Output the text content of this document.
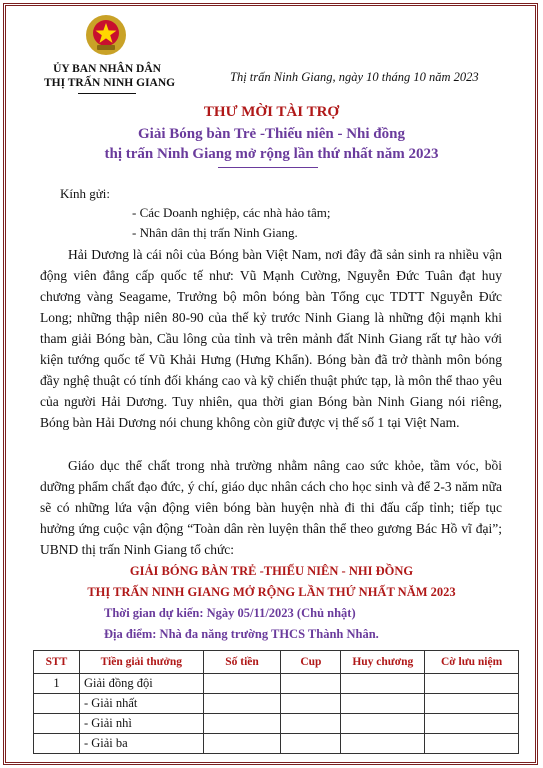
ỦY BAN NHÂN DÂN
THỊ TRẤN NINH GIANG	Thị trấn Ninh Giang, ngày 10 tháng 10 năm 2023
THƯ MỜI TÀI TRỢ
Giải Bóng bàn Trẻ -Thiếu niên - Nhi đồng
thị trấn Ninh Giang mở rộng lần thứ nhất năm 2023
Kính gửi:
- Các Doanh nghiệp, các nhà hảo tâm;
- Nhân dân thị trấn Ninh Giang.

Hải Dương là cái nôi của Bóng bàn Việt Nam, nơi đây đã sản sinh ra nhiều vận động viên đẳng cấp quốc tế như: Vũ Mạnh Cường, Nguyễn Đức Tuân đạt huy chương vàng Seagame, Trưởng bộ môn bóng bàn Tổng cục TDTT Nguyễn Đức Long; những thập niên 80-90 của thế kỷ trước Ninh Giang là những đội mạnh khi tham giải Bóng bàn, Cầu lông của tỉnh và trên mảnh đất Ninh Giang rất tự hào với kiện tướng quốc tế Vũ Khải Hưng (Hưng Khẩn). Bóng bàn đã trở thành môn bóng đầy nghệ thuật có tính đối kháng cao và kỹ chiến thuật phức tạp, là môn thể thao yêu của người Hải Dương. Tuy nhiên, qua thời gian Bóng bàn Ninh Giang nói riêng, Bóng bàn Hải Dương nói chung không còn giữ được vị thế số 1 tại Việt Nam.

Giáo dục thể chất trong nhà trường nhằm nâng cao sức khỏe, tầm vóc, bồi dưỡng phẩm chất đạo đức, ý chí, giáo dục nhân cách cho học sinh và để 2-3 năm nữa sẽ có những lứa vận động viên bóng bàn huyện nhà đi thi đấu cấp tỉnh; tiếp tục hưởng ứng cuộc vận động “Toàn dân rèn luyện thân thể theo gương Bác Hồ vĩ đại”; UBND thị trấn Ninh Giang tổ chức:

GIẢI BÓNG BÀN TRẺ -THIẾU NIÊN - NHI ĐỒNG
THỊ TRẤN NINH GIANG MỞ RỘNG LẦN THỨ NHẤT NĂM 2023
Thời gian dự kiến: Ngày 05/11/2023 (Chủ nhật)
Địa điểm: Nhà đa năng trường THCS Thành Nhân.
STT	Tiền giải thưởng	Số tiền	Cup	Huy chương	Cờ lưu niệm
1	Giải đồng đội				
	- Giải nhất				
	- Giải nhì				
	- Giải ba				
